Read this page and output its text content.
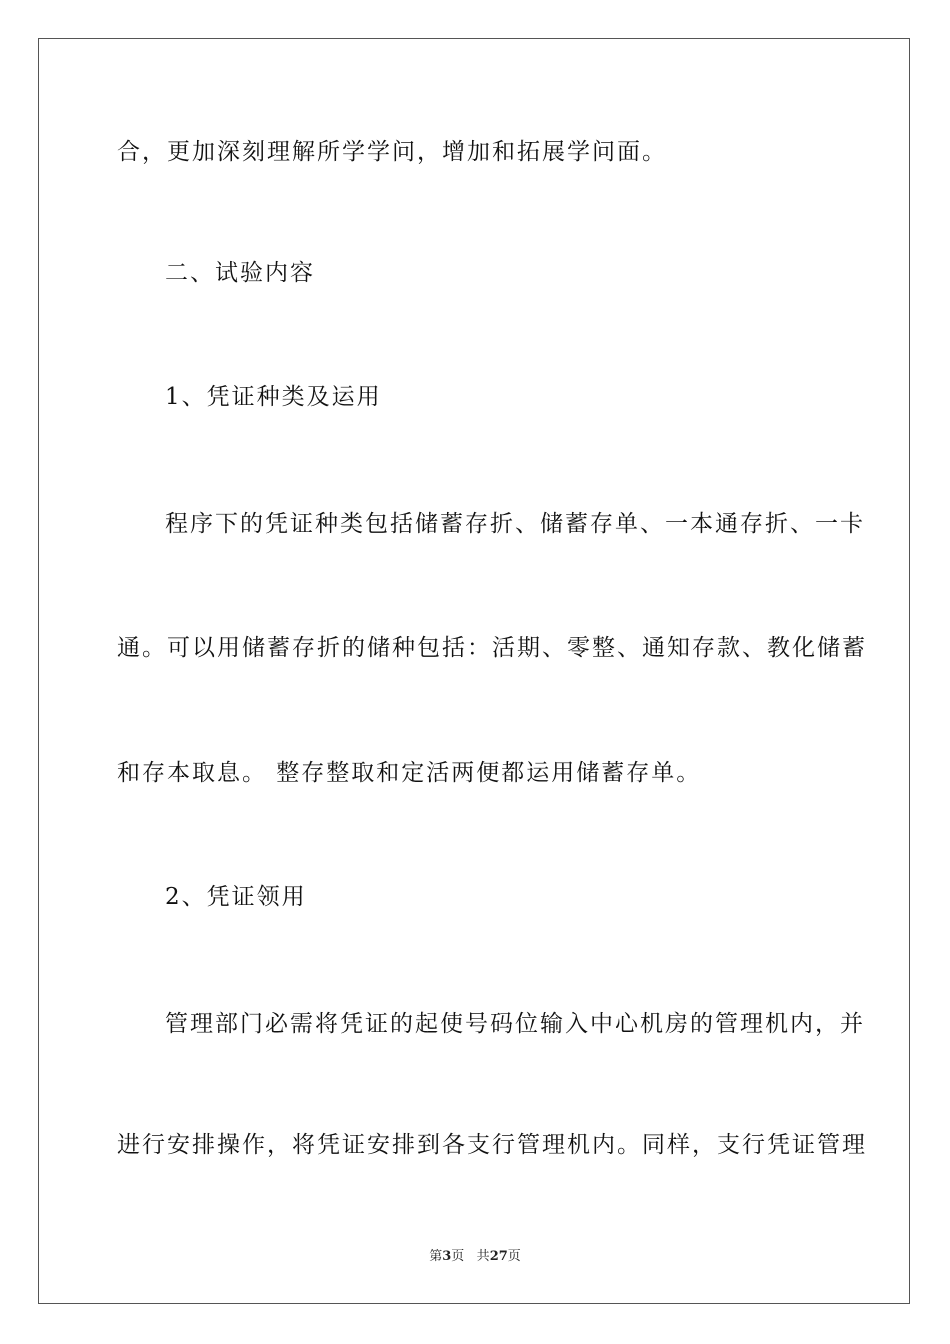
合，更加深刻理解所学学问，增加和拓展学问面。
二、试验内容
1、凭证种类及运用
程序下的凭证种类包括储蓄存折、储蓄存单、一本通存折、一卡
通。可以用储蓄存折的储种包括：活期、零整、通知存款、教化储蓄
和存本取息。 整存整取和定活两便都运用储蓄存单。
2、凭证领用
管理部门必需将凭证的起使号码位输入中心机房的管理机内，并
进行安排操作，将凭证安排到各支行管理机内。同样，支行凭证管理
第3页 共27页
